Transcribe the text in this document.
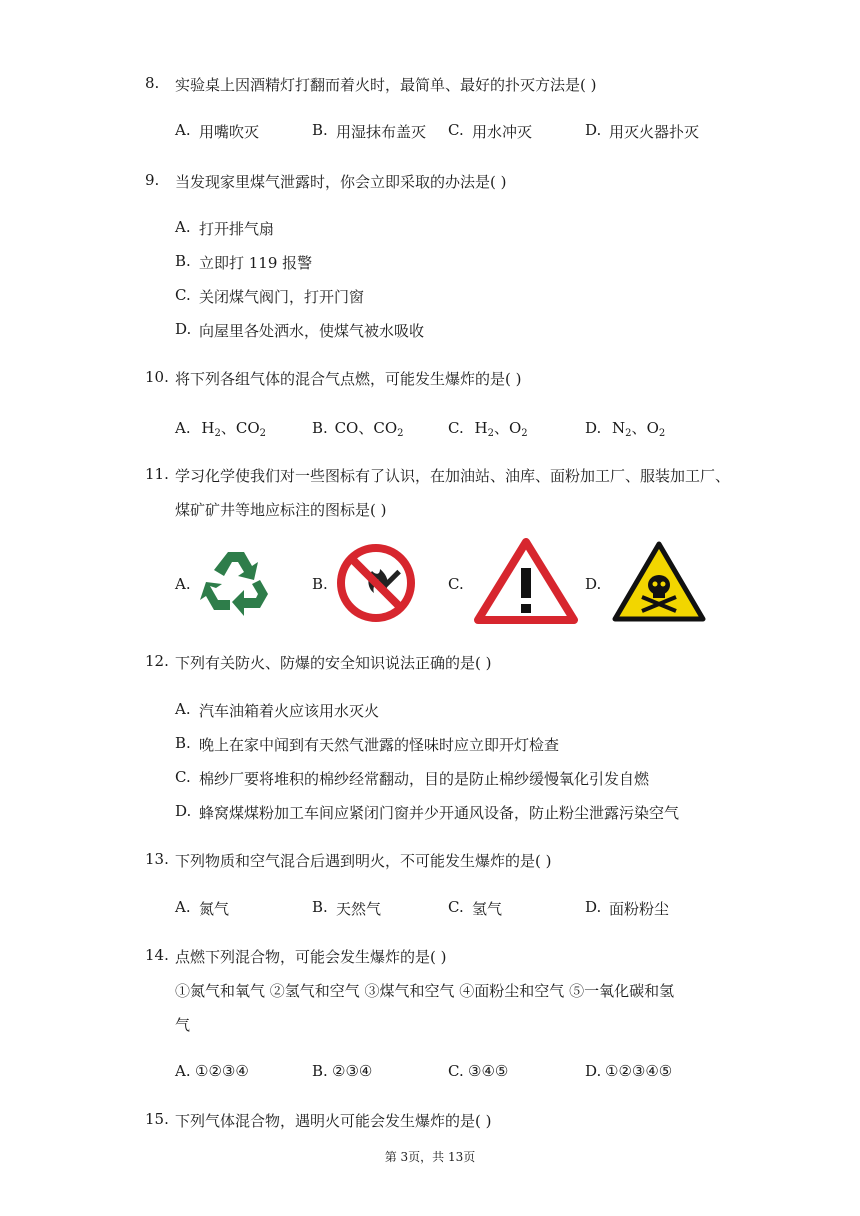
8. 实验桌上因酒精灯打翻而着火时，最简单、最好的扑灭方法是( )
A. 用嘴吹灭	B. 用湿抹布盖灭 C. 用水冲灭	D. 用灭火器扑灭
9. 当发现家里煤气泄露时，你会立即采取的办法是( )
A. 打开排气扇
B. 立即打 119 报警
C. 关闭煤气阀门，打开门窗
D. 向屋里各处洒水，使煤气被水吸收
10. 将下列各组气体的混合气点燃，可能发生爆炸的是( )
A. $H_2$、$CO_2$	B. CO、$CO_2$	C. $H_2$、$O_2$	D. $N_2$、$O_2$
11. 学习化学使我们对一些图标有了认识，在加油站、油库、面粉加工厂、服装加工厂、
煤矿矿井等地应标注的图标是( )
A.	B.	C.	D.
12. 下列有关防火、防爆的安全知识说法正确的是( )
A. 汽车油箱着火应该用水灭火
B. 晚上在家中闻到有天然气泄露的怪味时应立即开灯检查
C. 棉纱厂要将堆积的棉纱经常翻动，目的是防止棉纱缓慢氧化引发自燃
D. 蜂窝煤煤粉加工车间应紧闭门窗并少开通风设备，防止粉尘泄露污染空气
13. 下列物质和空气混合后遇到明火，不可能发生爆炸的是( )
A. 氮气	B. 天然气	C. 氢气	D. 面粉粉尘
14. 点燃下列混合物，可能会发生爆炸的是( )
①氮气和氧气 ②氢气和空气 ③煤气和空气 ④面粉尘和空气 ⑤一氧化碳和氢
气
A. ①②③④	B. ②③④	C. ③④⑤	D. ①②③④⑤
15. 下列气体混合物，遇明火可能会发生爆炸的是( )
第 3页，共 13页
